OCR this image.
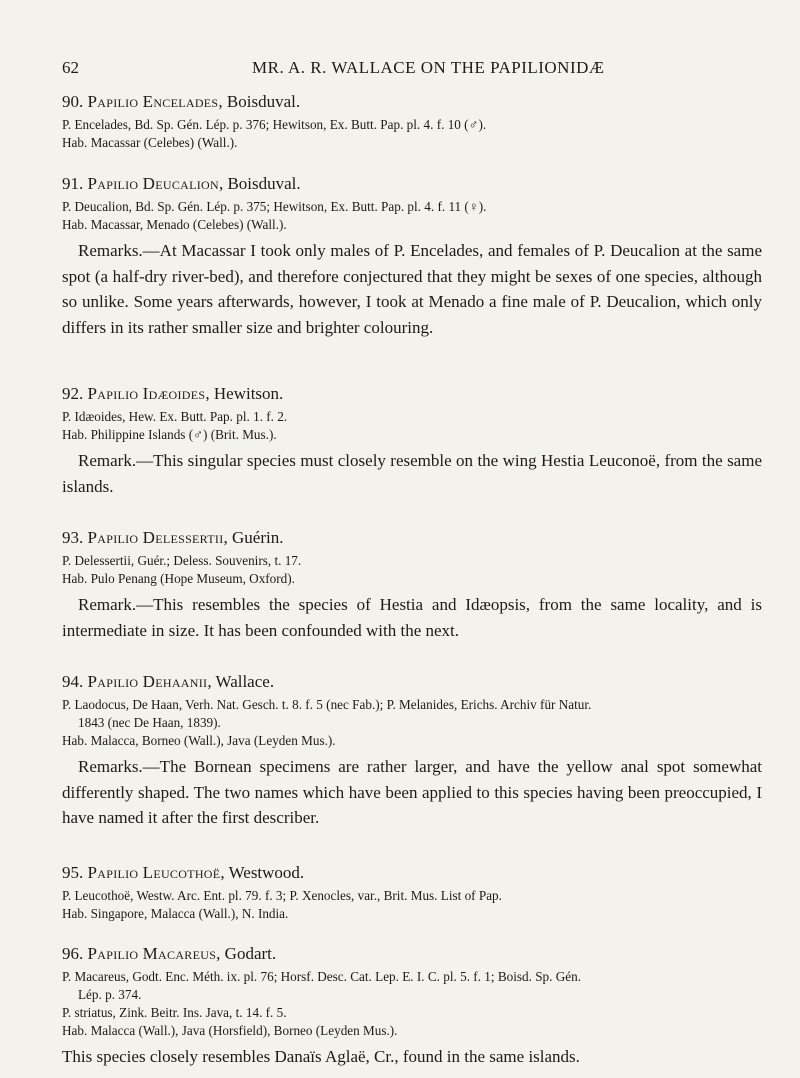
62	MR. A. R. WALLACE ON THE PAPILIONIDÆ

90. Papilio Encelades, Boisduval.

P. Encelades, Bd. Sp. Gén. Lép. p. 376; Hewitson, Ex. Butt. Pap. pl. 4. f. 10 (♂).

Hab. Macassar (Celebes) (Wall.).

91. Papilio Deucalion, Boisduval.

P. Deucalion, Bd. Sp. Gén. Lép. p. 375; Hewitson, Ex. Butt. Pap. pl. 4. f. 11 (♀).

Hab. Macassar, Menado (Celebes) (Wall.).

Remarks.—At Macassar I took only males of P. Encelades, and females of P. Deucalion at the same spot (a half-dry river-bed), and therefore conjectured that they might be sexes of one species, although so unlike. Some years afterwards, however, I took at Menado a fine male of P. Deucalion, which only differs in its rather smaller size and brighter colouring.

92. Papilio Idæoides, Hewitson.

P. Idæoides, Hew. Ex. Butt. Pap. pl. 1. f. 2.

Hab. Philippine Islands (♂) (Brit. Mus.).

Remark.—This singular species must closely resemble on the wing Hestia Leuconoë, from the same islands.

93. Papilio Delessertii, Guérin.

P. Delessertii, Guér.; Deless. Souvenirs, t. 17.

Hab. Pulo Penang (Hope Museum, Oxford).

Remark.—This resembles the species of Hestia and Idæopsis, from the same locality, and is intermediate in size. It has been confounded with the next.

94. Papilio Dehaanii, Wallace.

P. Laodocus, De Haan, Verh. Nat. Gesch. t. 8. f. 5 (nec Fab.); P. Melanides, Erichs. Archiv für Natur.

1843 (nec De Haan, 1839).

Hab. Malacca, Borneo (Wall.), Java (Leyden Mus.).

Remarks.—The Bornean specimens are rather larger, and have the yellow anal spot somewhat differently shaped. The two names which have been applied to this species having been preoccupied, I have named it after the first describer.

95. Papilio Leucothoë, Westwood.

P. Leucothoë, Westw. Arc. Ent. pl. 79. f. 3; P. Xenocles, var., Brit. Mus. List of Pap.

Hab. Singapore, Malacca (Wall.), N. India.

96. Papilio Macareus, Godart.

P. Macareus, Godt. Enc. Méth. ix. pl. 76; Horsf. Desc. Cat. Lep. E. I. C. pl. 5. f. 1; Boisd. Sp. Gén.

Lép. p. 374.

P. striatus, Zink. Beitr. Ins. Java, t. 14. f. 5.

Hab. Malacca (Wall.), Java (Horsfield), Borneo (Leyden Mus.).

This species closely resembles Danaïs Aglaë, Cr., found in the same islands.
